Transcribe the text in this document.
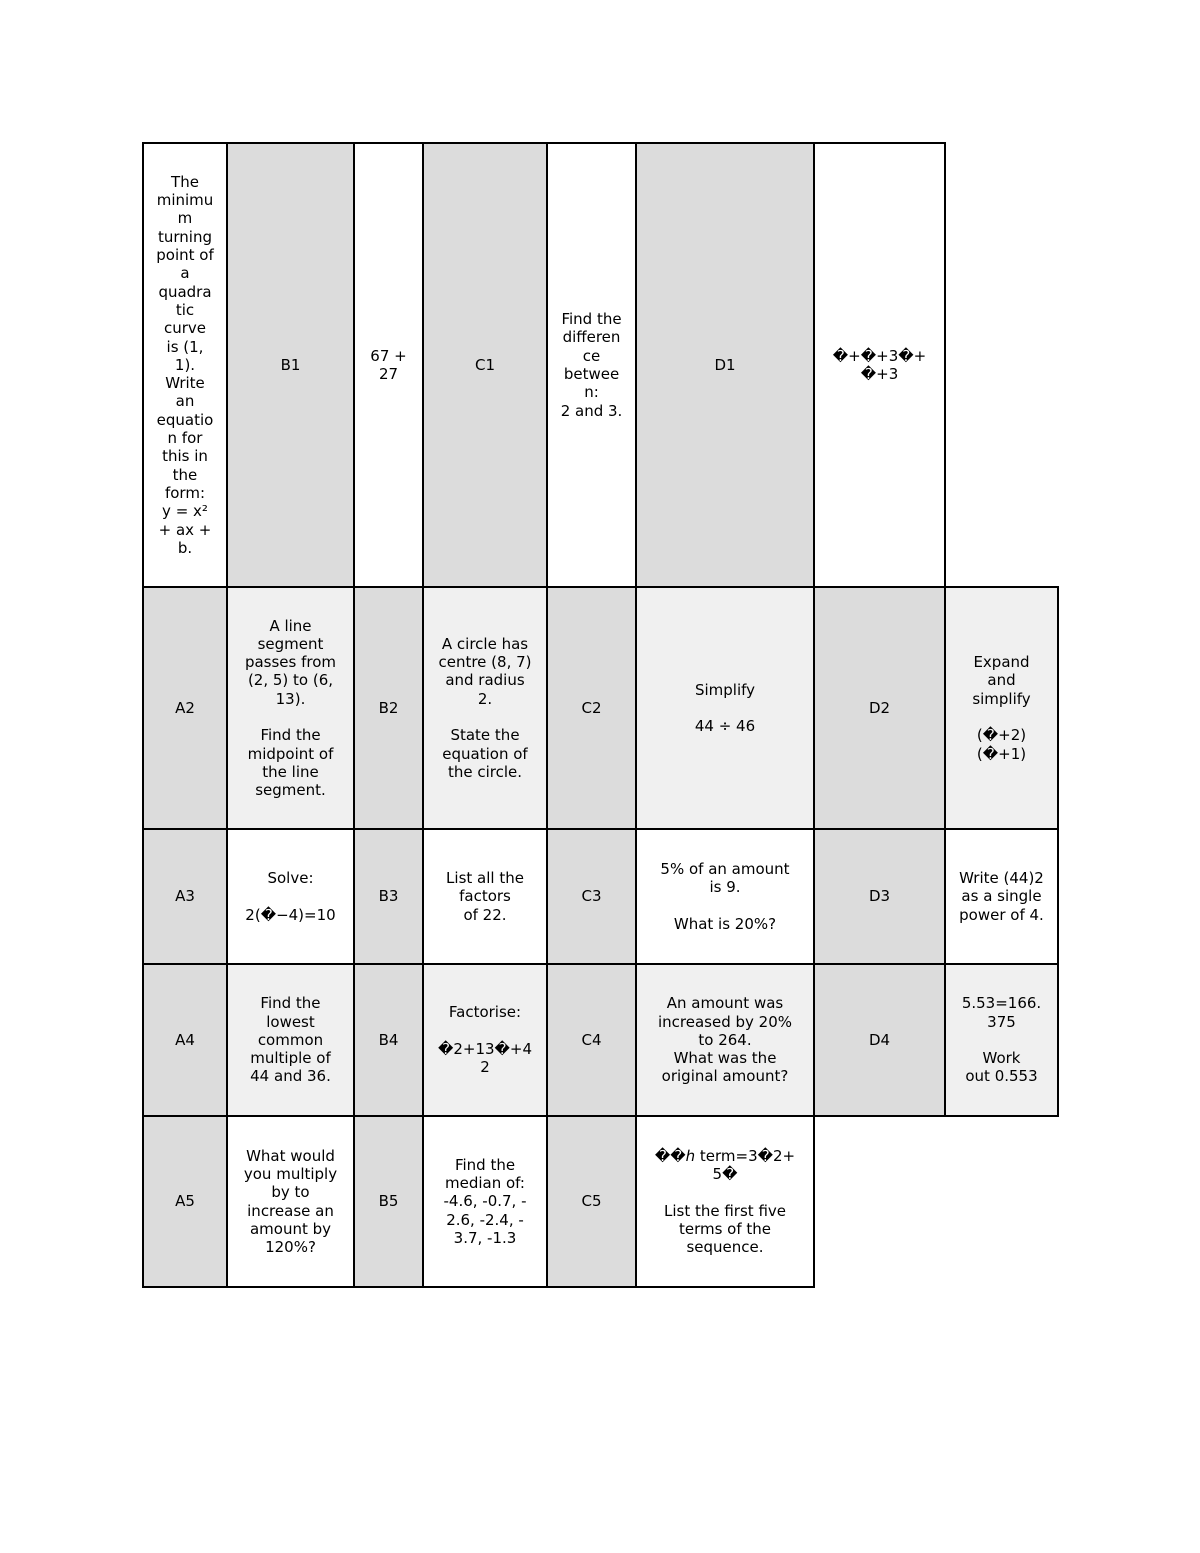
The
minimu
m
turning
point of
a
quadra
tic
curve
is (1,
1).
Write
an
equatio
n for
this in
the
form:
y = x²
+ ax +
b.
B1
67 +
27
C1
Find the
differen
ce
betwee
n:
2 and 3.
D1
�+�+3�+
�+3
A2
A line
segment
passes from
(2, 5) to (6,
13).

Find the
midpoint of
the line
segment.
B2
A circle has
centre (8, 7)
and radius
2.

State the
equation of
the circle.
C2
Simplify

44 ÷ 46
D2
Expand
and
simplify

(�+2)
(�+1)
A3
Solve:

2(�−4)=10
B3
List all the
factors
of 22.
C3
5% of an amount
is 9.

What is 20%?
D3
Write (44)2
as a single
power of 4.
A4
Find the
lowest
common
multiple of
44 and 36.
B4
Factorise:

�2+13�+4
2
C4
An amount was
increased by 20%
to 264.
What was the
original amount?
D4
5.53=166.
375

Work
out 0.553
A5
What would
you multiply
by to
increase an
amount by
120%?
B5
Find the
median of:
-4.6, -0.7, -
2.6, -2.4, -
3.7, -1.3
C5
��ℎ term=3�2+
5�

List the first five
terms of the
sequence.
